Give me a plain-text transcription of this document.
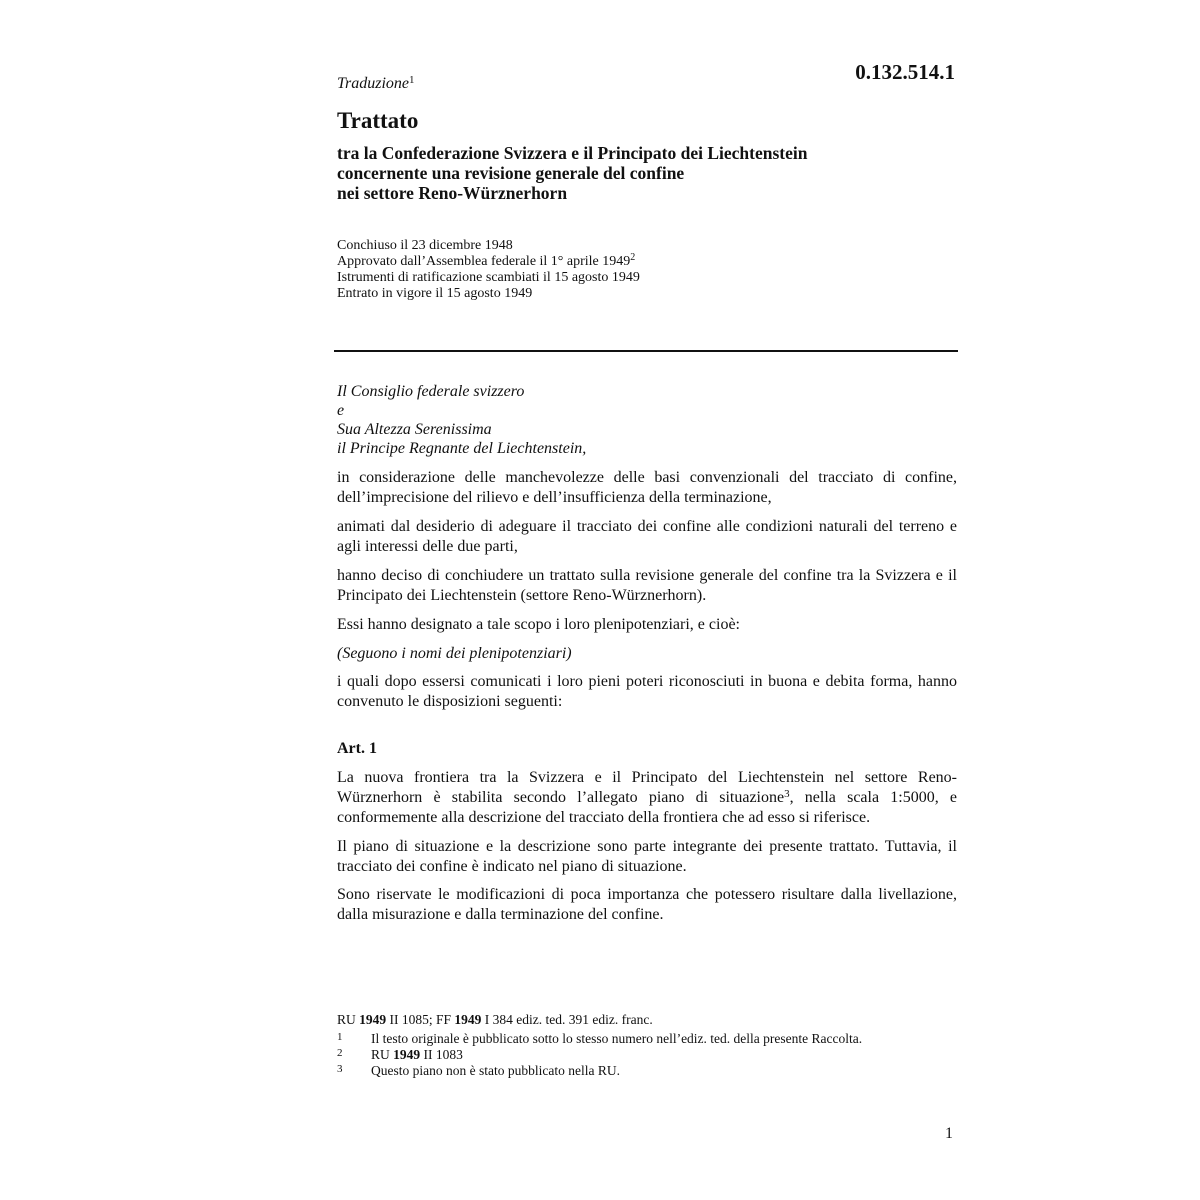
0.132.514.1

Traduzione$^1$

Trattato
tra la Confederazione Svizzera e il Principato dei Liechtenstein
concernente una revisione generale del confine
nei settore Reno-Würznerhorn
Conchiuso il 23 dicembre 1948
Approvato dall’Assemblea federale il 1° aprile 1949$^2$
Istrumenti di ratificazione scambiati il 15 agosto 1949
Entrato in vigore il 15 agosto 1949
Il Consiglio federale svizzero
e
Sua Altezza Serenissima
il Principe Regnante del Liechtenstein,

in considerazione delle manchevolezze delle basi convenzionali del tracciato di confine, dell’imprecisione del rilievo e dell’insufficienza della terminazione,

animati dal desiderio di adeguare il tracciato dei confine alle condizioni naturali del terreno e agli interessi delle due parti,

hanno deciso di conchiudere un trattato sulla revisione generale del confine tra la Svizzera e il Principato dei Liechtenstein (settore Reno-Würznerhorn).

Essi hanno designato a tale scopo i loro plenipotenziari, e cioè:

(Seguono i nomi dei plenipotenziari)

i quali dopo essersi comunicati i loro pieni poteri riconosciuti in buona e debita forma, hanno convenuto le disposizioni seguenti:

Art. 1

La nuova frontiera tra la Svizzera e il Principato del Liechtenstein nel settore Reno-Würznerhorn è stabilita secondo l’allegato piano di situazione$^3$, nella scala 1:5000, e conformemente alla descrizione del tracciato della frontiera che ad esso si riferisce.

Il piano di situazione e la descrizione sono parte integrante dei presente trattato. Tuttavia, il tracciato dei confine è indicato nel piano di situazione.

Sono riservate le modificazioni di poca importanza che potessero risultare dalla livellazione, dalla misurazione e dalla terminazione del confine.

RU 1949 II 1085; FF 1949 I 384 ediz. ted. 391 ediz. franc.

1	Il testo originale è pubblicato sotto lo stesso numero nell’ediz. ted. della presente Raccolta.
2	RU 1949 II 1083
3	Questo piano non è stato pubblicato nella RU.

1
